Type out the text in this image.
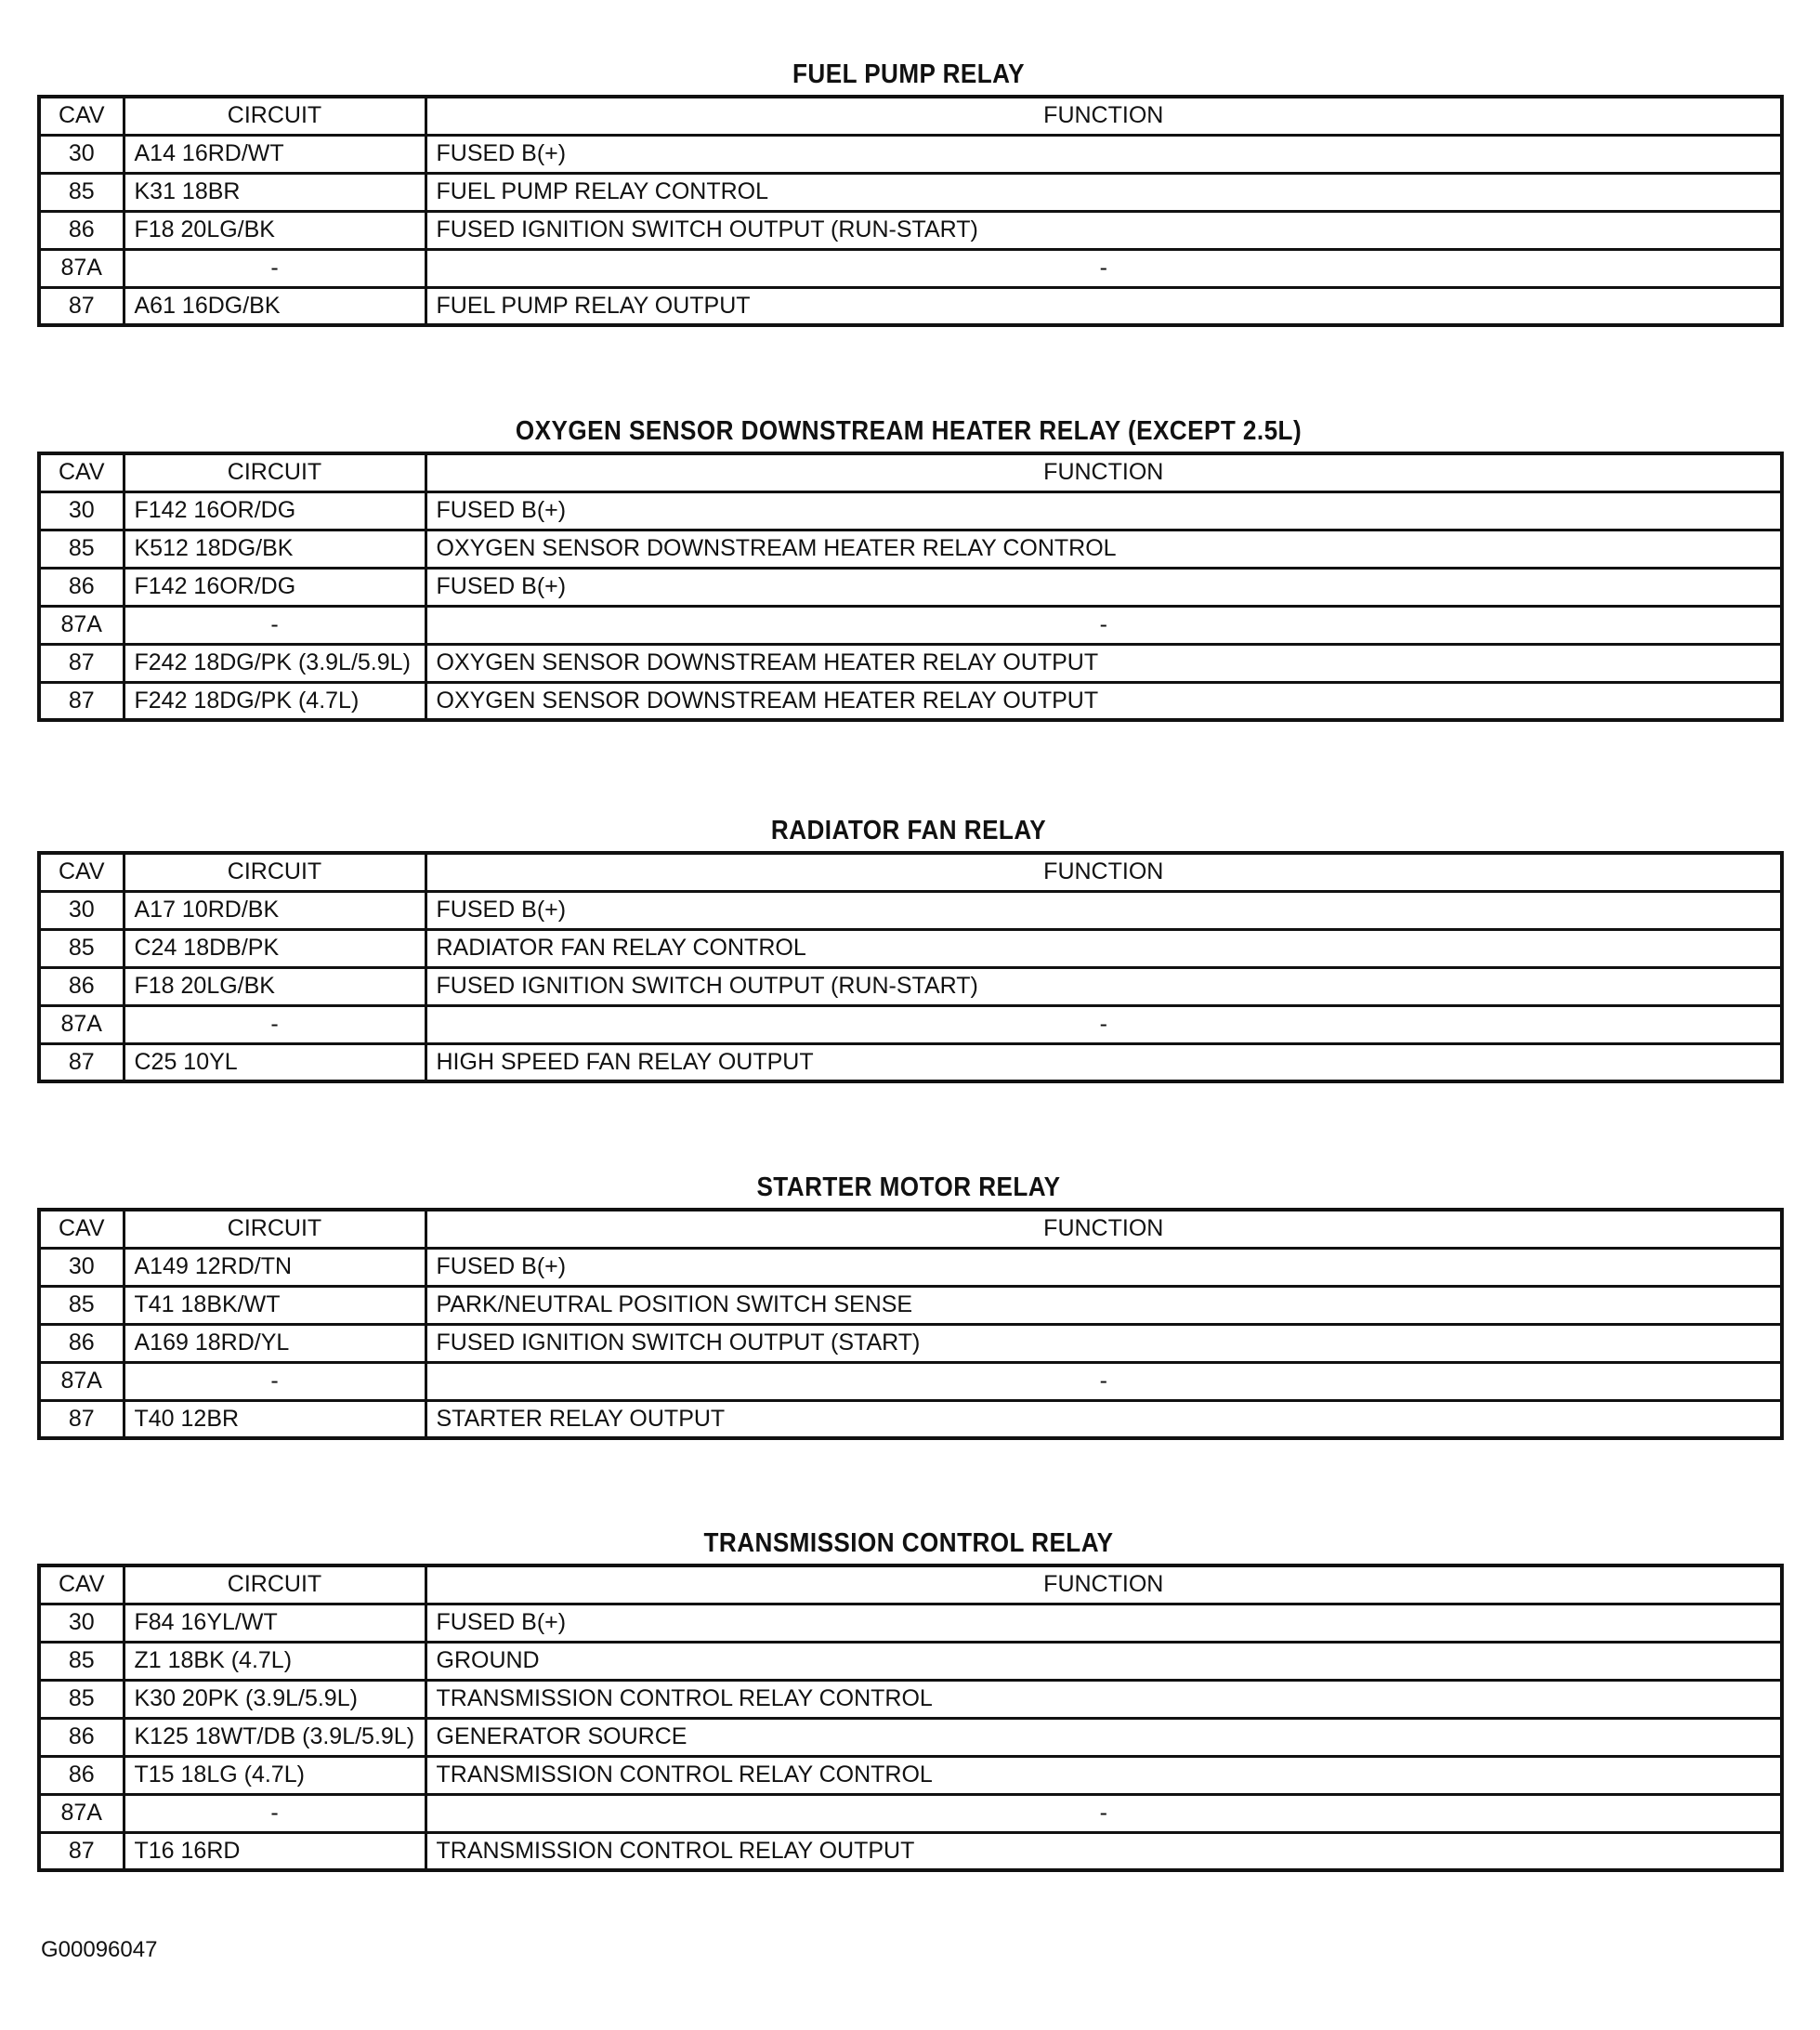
FUEL PUMP RELAY
CAV	CIRCUIT	FUNCTION
30	A14 16RD/WT	FUSED B(+)
85	K31 18BR	FUEL PUMP RELAY CONTROL
86	F18 20LG/BK	FUSED IGNITION SWITCH OUTPUT (RUN-START)
87A	-	-
87	A61 16DG/BK	FUEL PUMP RELAY OUTPUT
OXYGEN SENSOR DOWNSTREAM HEATER RELAY (EXCEPT 2.5L)
CAV	CIRCUIT	FUNCTION
30	F142 16OR/DG	FUSED B(+)
85	K512 18DG/BK	OXYGEN SENSOR DOWNSTREAM HEATER RELAY CONTROL
86	F142 16OR/DG	FUSED B(+)
87A	-	-
87	F242 18DG/PK (3.9L/5.9L)	OXYGEN SENSOR DOWNSTREAM HEATER RELAY OUTPUT
87	F242 18DG/PK (4.7L)	OXYGEN SENSOR DOWNSTREAM HEATER RELAY OUTPUT
RADIATOR FAN RELAY
CAV	CIRCUIT	FUNCTION
30	A17 10RD/BK	FUSED B(+)
85	C24 18DB/PK	RADIATOR FAN RELAY CONTROL
86	F18 20LG/BK	FUSED IGNITION SWITCH OUTPUT (RUN-START)
87A	-	-
87	C25 10YL	HIGH SPEED FAN RELAY OUTPUT
STARTER MOTOR RELAY
CAV	CIRCUIT	FUNCTION
30	A149 12RD/TN	FUSED B(+)
85	T41 18BK/WT	PARK/NEUTRAL POSITION SWITCH SENSE
86	A169 18RD/YL	FUSED IGNITION SWITCH OUTPUT (START)
87A	-	-
87	T40 12BR	STARTER RELAY OUTPUT
TRANSMISSION CONTROL RELAY
CAV	CIRCUIT	FUNCTION
30	F84 16YL/WT	FUSED B(+)
85	Z1 18BK (4.7L)	GROUND
85	K30 20PK (3.9L/5.9L)	TRANSMISSION CONTROL RELAY CONTROL
86	K125 18WT/DB (3.9L/5.9L)	GENERATOR SOURCE
86	T15 18LG (4.7L)	TRANSMISSION CONTROL RELAY CONTROL
87A	-	-
87	T16 16RD	TRANSMISSION CONTROL RELAY OUTPUT
G00096047
